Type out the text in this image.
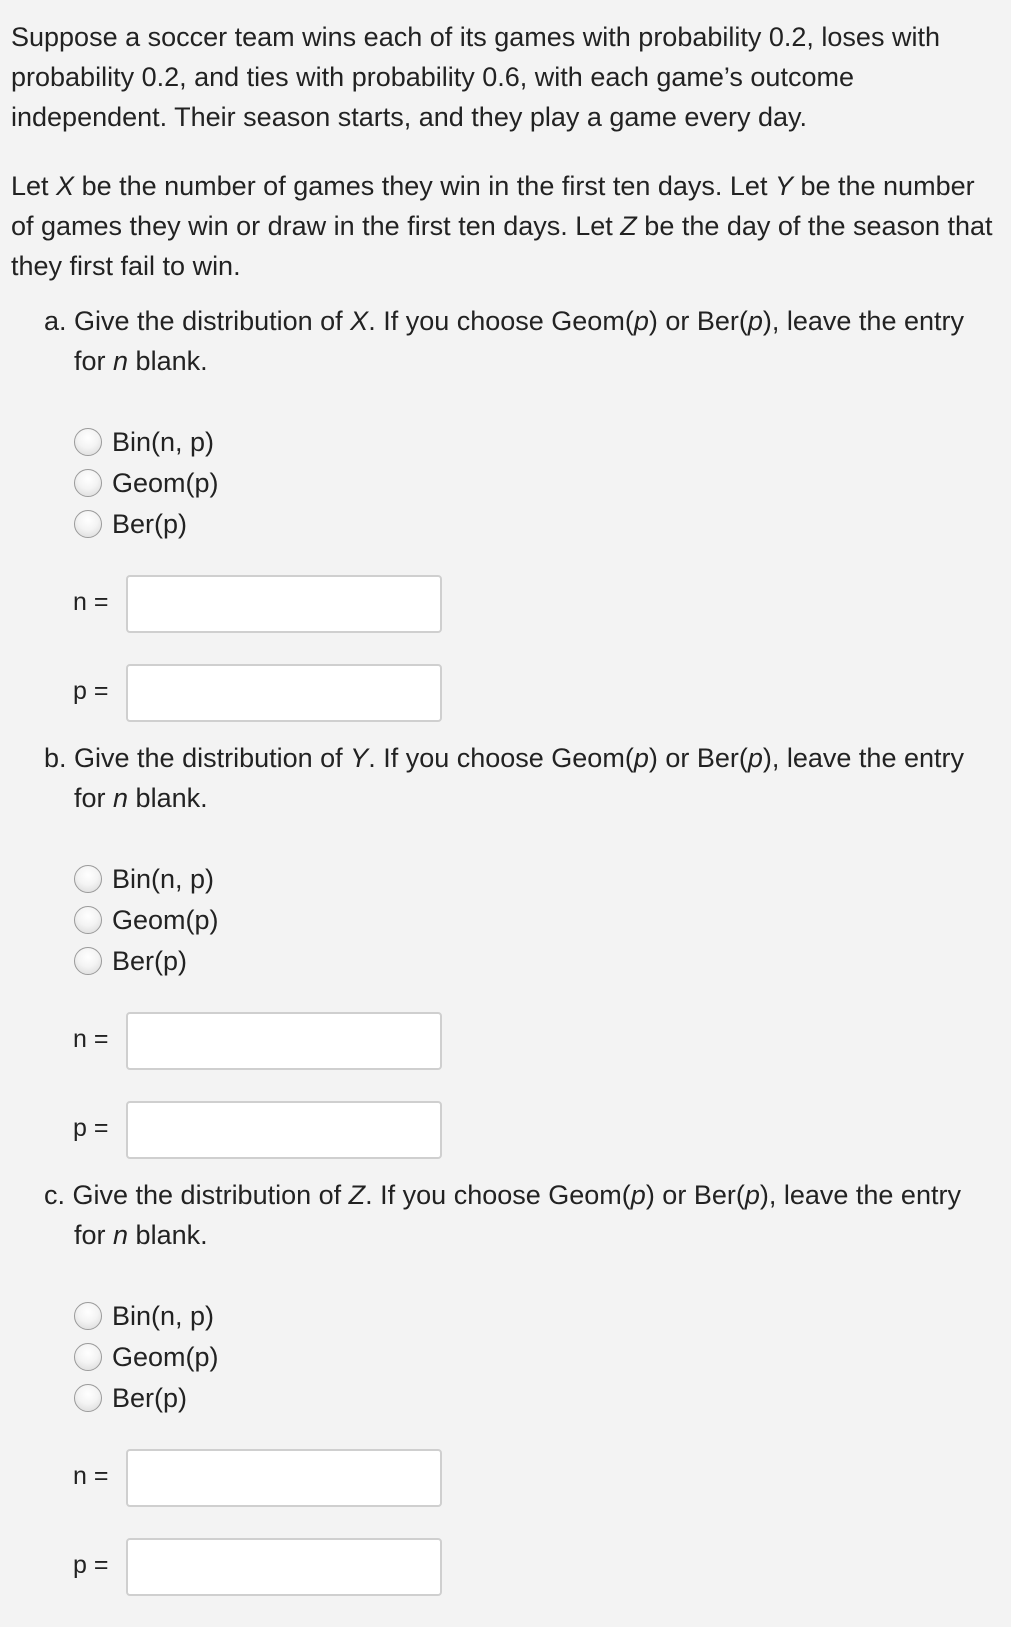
Suppose a soccer team wins each of its games with probability 0.2, loses with probability 0.2, and ties with probability 0.6, with each game’s outcome independent. Their season starts, and they play a game every day.

Let X be the number of games they win in the first ten days. Let Y be the number of games they win or draw in the first ten days. Let Z be the day of the season that they first fail to win.

a. Give the distribution of X. If you choose Geom(p) or Ber(p), leave the entry for n blank.

Bin(n, p)
Geom(p)
Ber(p)
n =
p =

b. Give the distribution of Y. If you choose Geom(p) or Ber(p), leave the entry for n blank.

Bin(n, p)
Geom(p)
Ber(p)
n =
p =

c. Give the distribution of Z. If you choose Geom(p) or Ber(p), leave the entry for n blank.

Bin(n, p)
Geom(p)
Ber(p)
n =
p =
